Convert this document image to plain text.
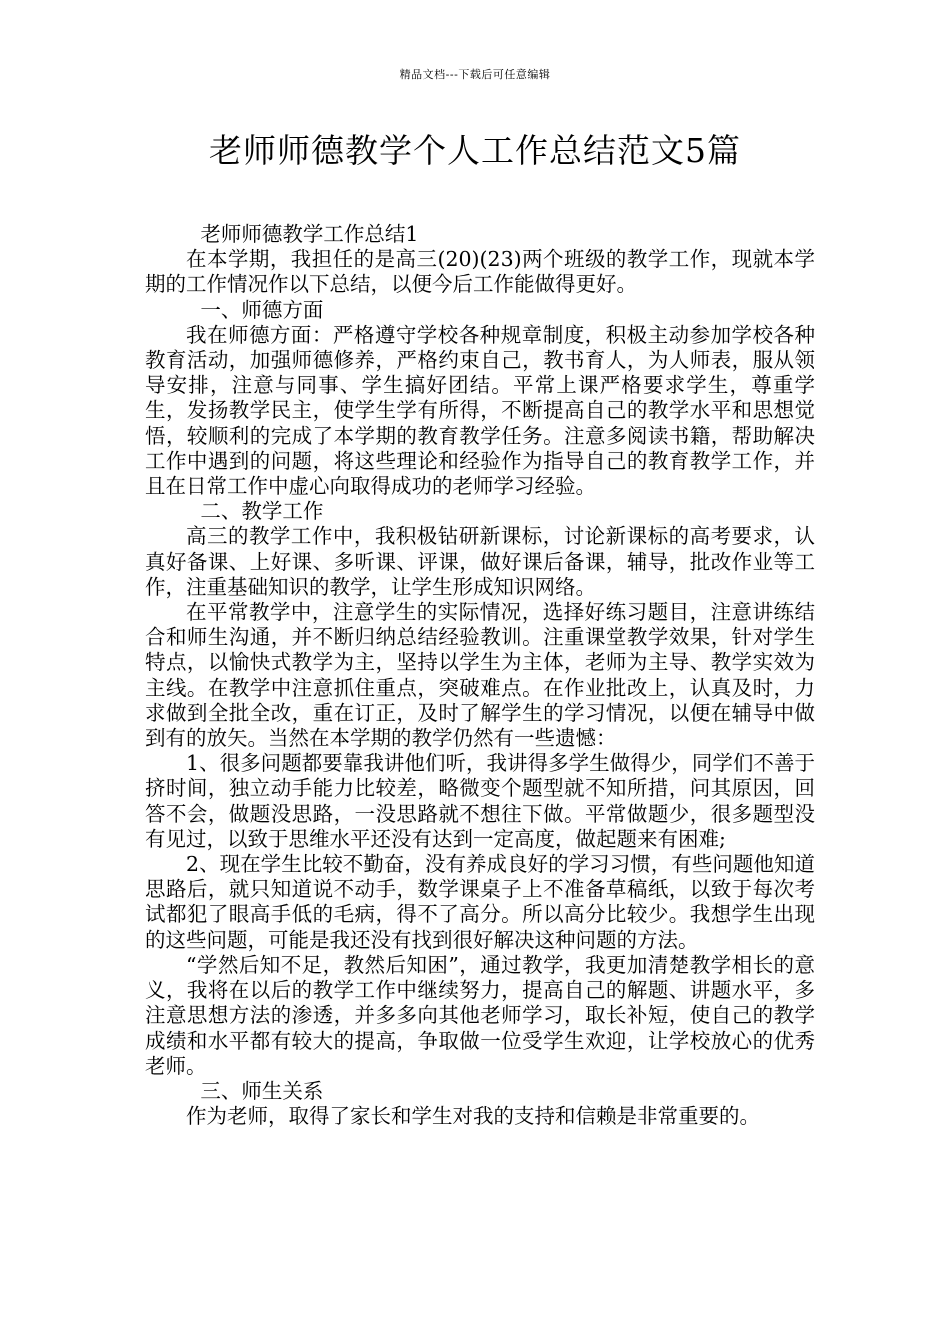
精品文档---下载后可任意编辑
老师师德教学个人工作总结范文5篇

老师师德教学工作总结1

在本学期，我担任的是高三(20)(23)两个班级的教学工作，现就本学期的工作情况作以下总结，以便今后工作能做得更好。

一、师德方面

我在师德方面：严格遵守学校各种规章制度，积极主动参加学校各种教育活动，加强师德修养，严格约束自己，教书育人，为人师表，服从领导安排，注意与同事、学生搞好团结。平常上课严格要求学生，尊重学生，发扬教学民主，使学生学有所得，不断提高自己的教学水平和思想觉悟，较顺利的完成了本学期的教育教学任务。注意多阅读书籍，帮助解决工作中遇到的问题，将这些理论和经验作为指导自己的教育教学工作，并且在日常工作中虚心向取得成功的老师学习经验。

二、教学工作

高三的教学工作中，我积极钻研新课标，讨论新课标的高考要求，认真好备课、上好课、多听课、评课，做好课后备课，辅导，批改作业等工作，注重基础知识的教学，让学生形成知识网络。

在平常教学中，注意学生的实际情况，选择好练习题目，注意讲练结合和师生沟通，并不断归纳总结经验教训。注重课堂教学效果，针对学生特点，以愉快式教学为主，坚持以学生为主体，老师为主导、教学实效为主线。在教学中注意抓住重点，突破难点。在作业批改上，认真及时，力求做到全批全改，重在订正，及时了解学生的学习情况，以便在辅导中做到有的放矢。当然在本学期的教学仍然有一些遗憾：

1、很多问题都要靠我讲他们听，我讲得多学生做得少，同学们不善于挤时间，独立动手能力比较差，略微变个题型就不知所措，问其原因，回答不会，做题没思路，一没思路就不想往下做。平常做题少，很多题型没有见过，以致于思维水平还没有达到一定高度，做起题来有困难;

2、现在学生比较不勤奋，没有养成良好的学习习惯，有些问题他知道思路后，就只知道说不动手，数学课桌子上不准备草稿纸，以致于每次考试都犯了眼高手低的毛病，得不了高分。所以高分比较少。我想学生出现的这些问题，可能是我还没有找到很好解决这种问题的方法。

“学然后知不足，教然后知困”，通过教学，我更加清楚教学相长的意义，我将在以后的教学工作中继续努力，提高自己的解题、讲题水平，多注意思想方法的渗透，并多多向其他老师学习，取长补短，使自己的教学成绩和水平都有较大的提高，争取做一位受学生欢迎，让学校放心的优秀老师。

三、师生关系

作为老师，取得了家长和学生对我的支持和信赖是非常重要的。
